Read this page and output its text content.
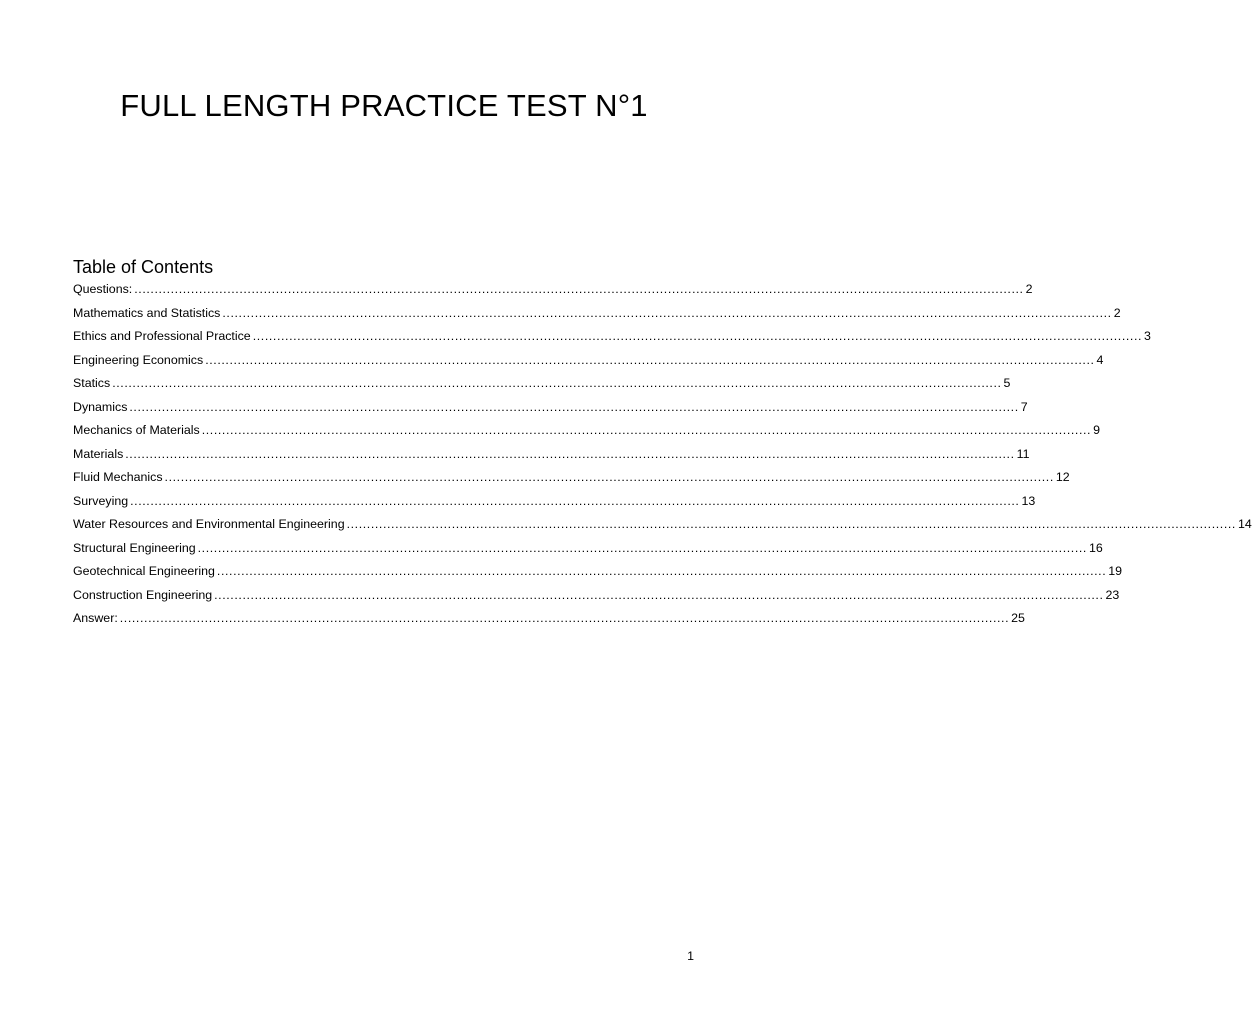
FULL LENGTH PRACTICE TEST N°1
Table of Contents
Questions: ............................................................................................................................................................................................................................ 2
Mathematics and Statistics ............................................................................................................................................................................................................................ 2
Ethics and Professional Practice ............................................................................................................................................................................................................................ 3
Engineering Economics ............................................................................................................................................................................................................................ 4
Statics ............................................................................................................................................................................................................................ 5
Dynamics ............................................................................................................................................................................................................................ 7
Mechanics of Materials ............................................................................................................................................................................................................................ 9
Materials ............................................................................................................................................................................................................................ 11
Fluid Mechanics ............................................................................................................................................................................................................................ 12
Surveying ............................................................................................................................................................................................................................ 13
Water Resources and Environmental Engineering ............................................................................................................................................................................................................................ 14
Structural Engineering ............................................................................................................................................................................................................................ 16
Geotechnical Engineering ............................................................................................................................................................................................................................ 19
Construction Engineering ............................................................................................................................................................................................................................ 23
Answer: ............................................................................................................................................................................................................................ 25
1
